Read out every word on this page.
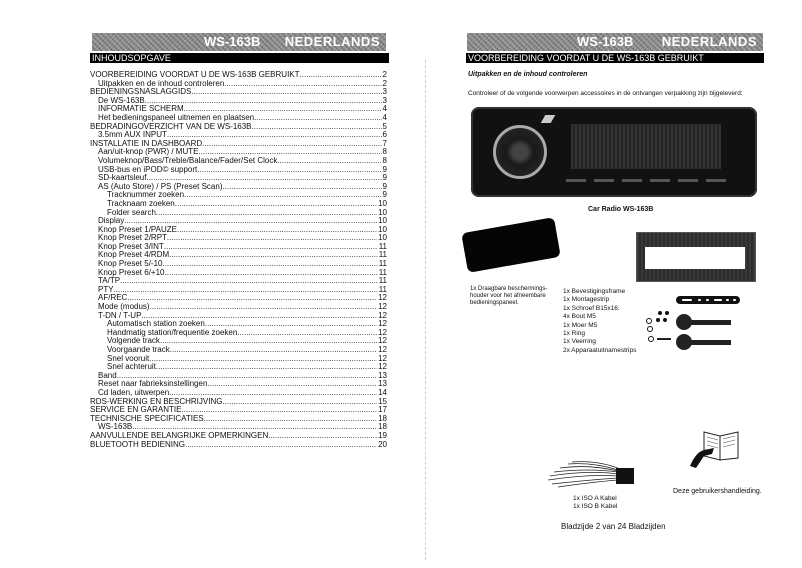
WS-163B NEDERLANDS
INHOUDSOPGAVE
VOORBEREIDING VOORDAT U DE WS-163B GEBRUIKT .....	2
Uitpakken en de inhoud controleren .....	2
BEDIENINGSNASLAGGIDS .....	3
De WS-163B .....	3
INFORMATIE SCHERM .....	4
Het bedieningspaneel uitnemen en plaatsen .....	4
BEDRADINGOVERZICHT VAN DE WS-163B .....	5
3.5mm AUX INPUT .....	6
INSTALLATIE IN DASHBOARD .....	7
Aan/uit-knop (PWR) / MUTE .....	8
Volumeknop/Bass/Treble/Balance/Fader/Set Clock .....	8
USB-bus en iPOD© support .....	9
SD-kaartsleuf .....	9
AS (Auto Store) / PS (Preset Scan) .....	9
Tracknummer zoeken .....	9
Tracknaam zoeken .....	10
Folder search .....	10
Display .....	10
Knop Preset 1/PAUZE .....	10
Knop Preset 2/RPT .....	10
Knop Preset 3/INT .....	11
Knop Preset 4/RDM .....	11
Knop Preset 5/-10 .....	11
Knop Preset 6/+10 .....	11
TA/TP .....	11
PTY .....	11
AF/REC .....	12
Mode (modus) .....	12
T-DN / T-UP .....	12
Automatisch station zoeken .....	12
Handmatig station/frequentie zoeken .....	12
Volgende track .....	12
Voorgaande track .....	12
Snel vooruit .....	12
Snel achteruit .....	12
Band .....	13
Reset naar fabrieksinstellingen .....	13
Cd laden, uitwerpen .....	14
RDS-WERKING EN BESCHRIJVING .....	15
SERVICE EN GARANTIE .....	17
TECHNISCHE SPECIFICATIES .....	18
WS-163B .....	18
AANVULLENDE BELANGRIJKE OPMERKINGEN .....	19
BLUETOOTH BEDIENING .....	20
WS-163B NEDERLANDS
VOORBEREIDING VOORDAT U DE WS-163B GEBRUIKT
Uitpakken en de inhoud controleren
Controleer of de volgende voorwerpen accessoires in de ontvangen verpakking zijn bijgeleverd:
Car Radio WS-163B
1x Draagbare beschermings-
houder voor het afneembare
bedieningspaneel.
1x Bevestigingsframe
1x Montagestrip
1x Schroef B15x16.
4x Bout M5
1x Moer M5
1x Ring
1x Veerring
2x Apparaatuitnamestrips
1x ISO A Kabel
1x ISO B Kabel
Deze gebruikershandleiding.
Bladzijde 2 van 24 Bladzijden
